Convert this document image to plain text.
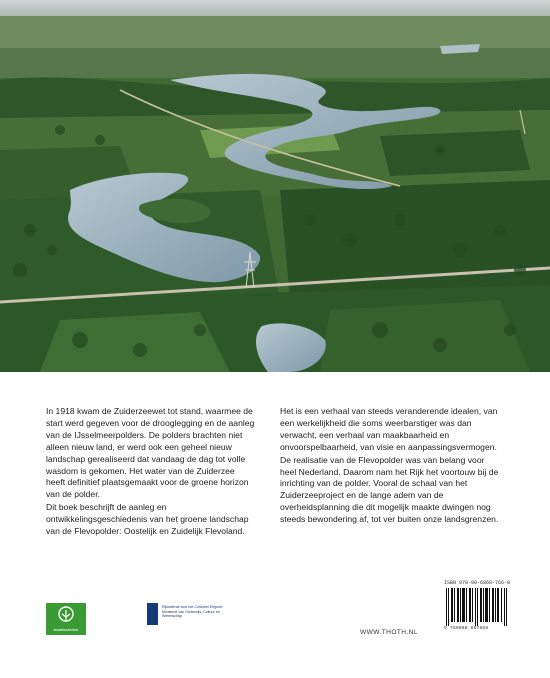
In 1918 kwam de Zuiderzeewet tot stand, waarmee de start werd gegeven voor de drooglegging en de aanleg van de IJsselmeerpolders. De polders brachten niet alleen nieuw land, er werd ook een geheel nieuw landschap gerealiseerd dat vandaag de dag tot volle wasdom is gekomen. Het water van de Zuiderzee heeft definitief plaatsgemaakt voor de groene horizon van de polder.

Dit boek beschrijft de aanleg en ontwikkelingsgeschiedenis van het groene landschap van de Flevopolder: Oostelijk en Zuidelijk Flevoland.

Het is een verhaal van steeds veranderende idealen, van een werkelijkheid die soms weerbarstiger was dan verwacht, een verhaal van maakbaarheid en onvoorspelbaarheid, van visie en aanpassingsvermogen.

De realisatie van de Flevopolder was van belang voor heel Nederland. Daarom nam het Rijk het voortouw bij de inrichting van de polder. Vooral de schaal van het Zuiderzeeproject en de lange adem van de overheidsplanning die dit mogelijk maakte dwingen nog steeds bewondering af, tot ver buiten onze landsgrenzen.

staatsbosbeheer
Rijksdienst voor het Cultureel Erfgoed Ministerie van Onderwijs, Cultuur en Wetenschap
WWW.THOTH.NL
ISBN 978-90-6868-766-8
9 789068 687668
